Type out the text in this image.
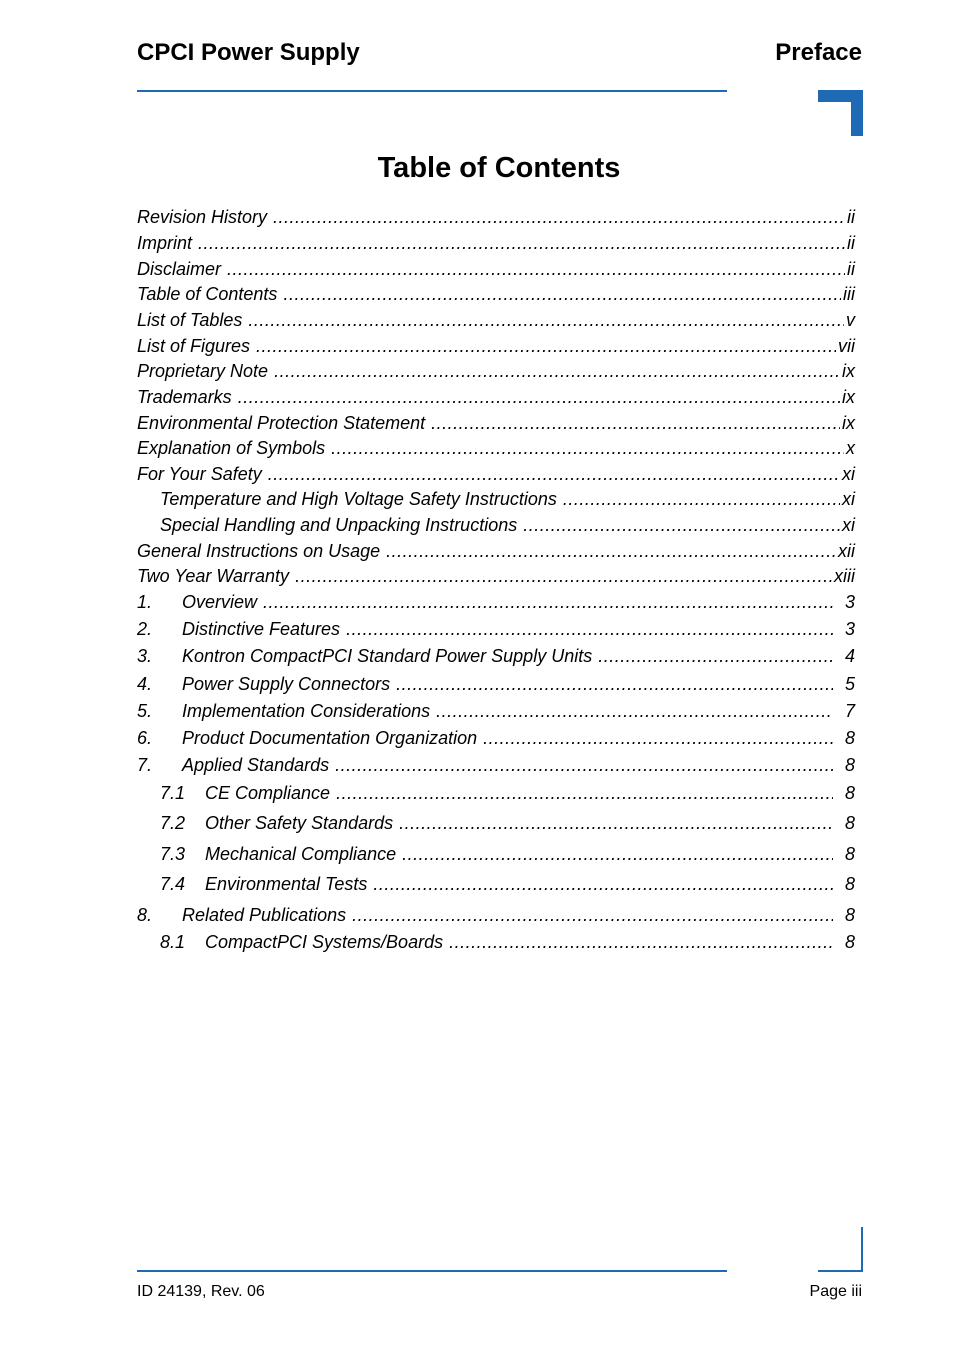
CPCI Power Supply	Preface
Table of Contents
Revision History .....	ii
Imprint .....	ii
Disclaimer .....	ii
Table of Contents .....	iii
List of Tables .....	v
List of Figures .....	vii
Proprietary Note .....	ix
Trademarks .....	ix
Environmental Protection Statement .....	ix
Explanation of Symbols .....	x
For Your Safety .....	xi
Temperature and High Voltage Safety Instructions .....	xi
Special Handling and Unpacking Instructions .....	xi
General Instructions on Usage .....	xii
Two Year Warranty .....	xiii
1.	Overview .....	3
2.	Distinctive Features .....	3
3.	Kontron CompactPCI Standard Power Supply Units .....	4
4.	Power Supply Connectors .....	5
5.	Implementation Considerations .....	7
6.	Product Documentation Organization .....	8
7.	Applied Standards .....	8
7.1	CE Compliance .....	8
7.2	Other Safety Standards .....	8
7.3	Mechanical Compliance .....	8
7.4	Environmental Tests .....	8
8.	Related Publications .....	8
8.1	CompactPCI Systems/Boards .....	8
ID 24139, Rev. 06	Page iii
